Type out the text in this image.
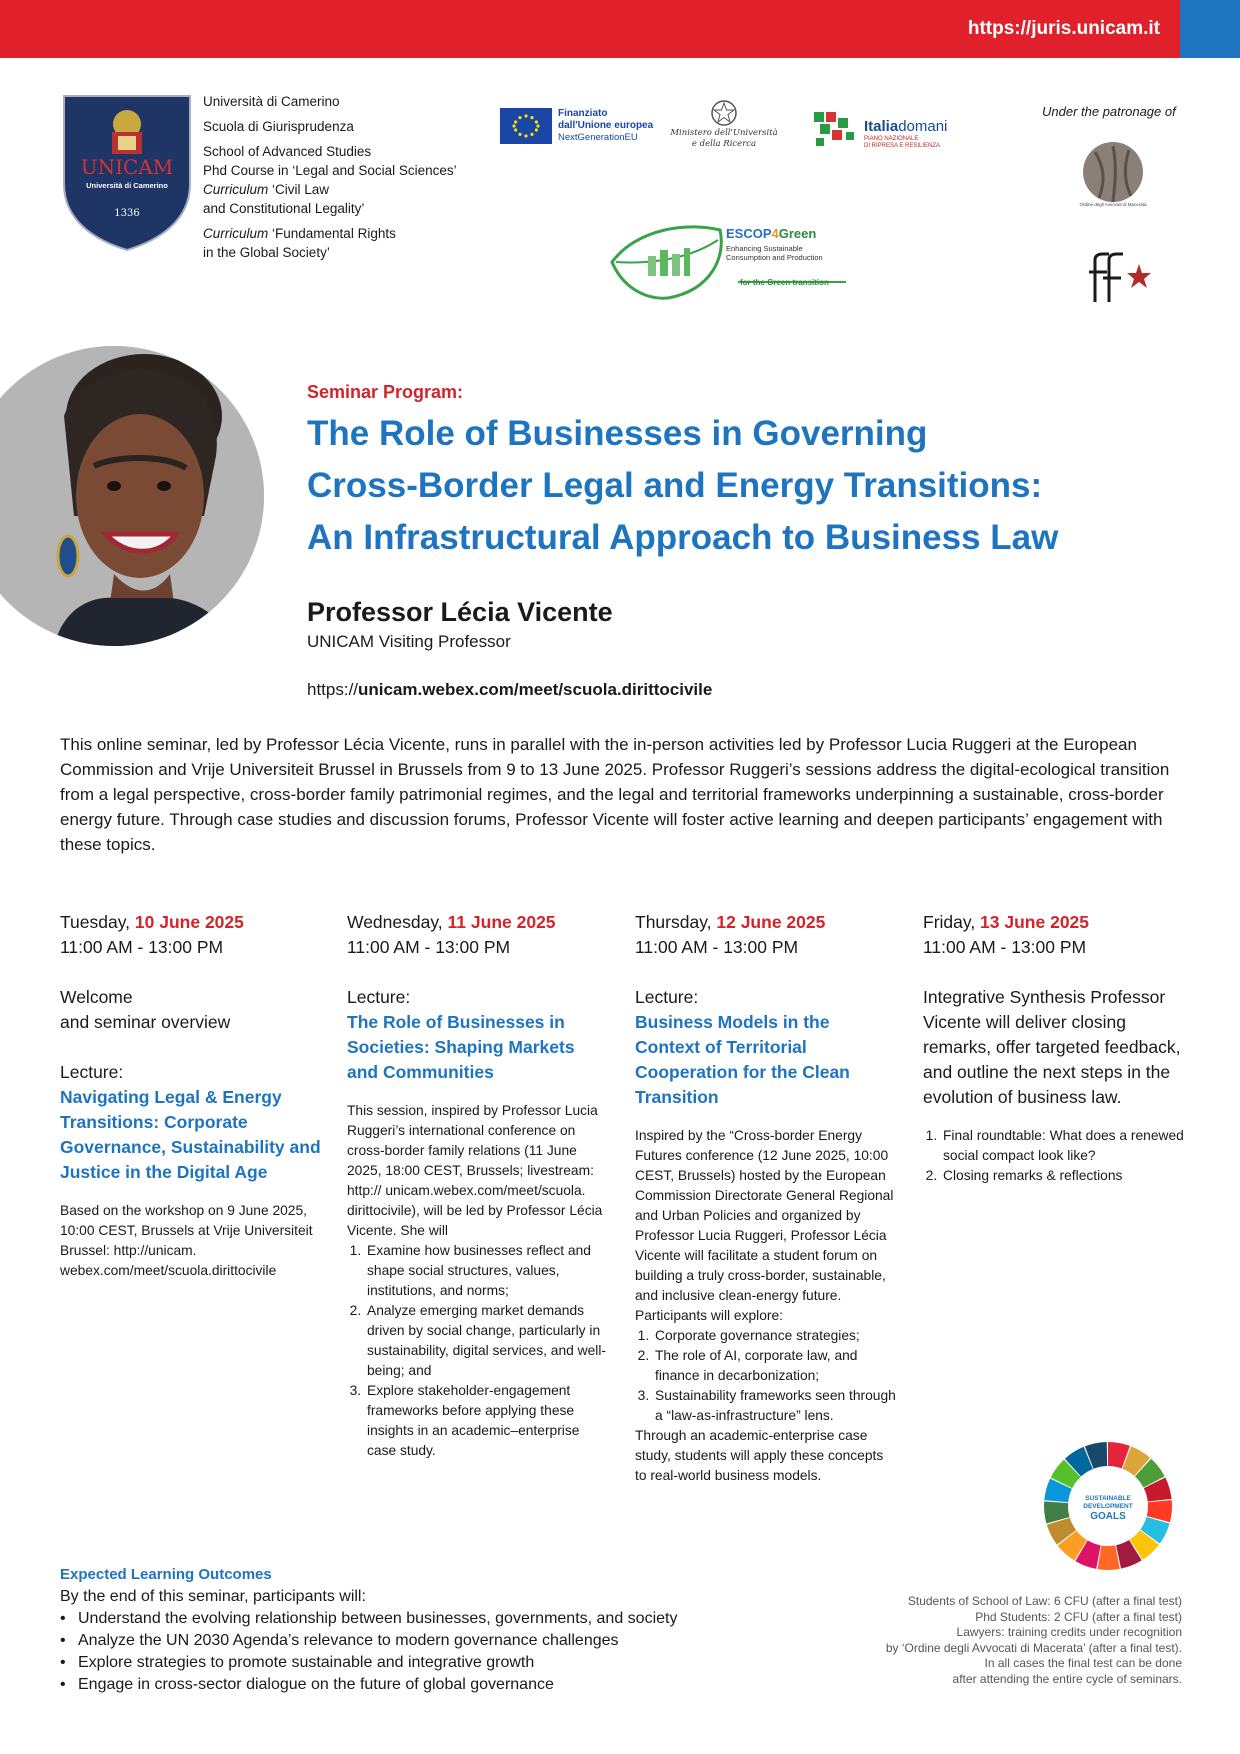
https://juris.unicam.it
UNICAM
Università di Camerino
1336
Università di Camerino
Scuola di Giurisprudenza
School of Advanced Studies
Phd Course in ‘Legal and Social Sciences’
Curriculum ‘Civil Law
and Constitutional Legality’
Curriculum ‘Fundamental Rights
in the Global Society’
Finanziato
dall'Unione europea
NextGenerationEU	Ministero dell'Università
e della Ricerca
Italiadomani
PIANO NAZIONALE
DI RIPRESA E RESILIENZA
ESCOP4Green
Enhancing Sustainable
Consumption and Production
for the Green transition
Under the patronage of
Ordine degli Avvocati di Macerata
Seminar Program:
The Role of Businesses in Governing
Cross-Border Legal and Energy Transitions:
An Infrastructural Approach to Business Law
Professor Lécia Vicente
UNICAM Visiting Professor
https://unicam.webex.com/meet/scuola.dirittocivile
This online seminar, led by Professor Lécia Vicente, runs in parallel with the in-person activities led by Professor Lucia Ruggeri at the European Commission and Vrije Universiteit Brussel in Brussels from 9 to 13 June 2025. Professor Ruggeri’s sessions address the digital-ecological transition from a legal perspective, cross-border family patrimonial regimes, and the legal and territorial frameworks underpinning a sustainable, cross-border energy future. Through case studies and discussion forums, Professor Vicente will foster active learning and deepen participants’ engagement with these topics.
Tuesday, 10 June 2025
11:00 AM - 13:00 PM
Welcome
and seminar overview
Lecture:
Navigating Legal & Energy Transitions: Corporate Governance, Sustainability and Justice in the Digital Age
Based on the workshop on 9 June 2025, 10:00 CEST, Brussels at Vrije Universiteit Brussel: http://unicam. webex.com/meet/scuola.dirittocivile
Wednesday, 11 June 2025
11:00 AM - 13:00 PM
Lecture:
The Role of Businesses in Societies: Shaping Markets and Communities
This session, inspired by Professor Lucia Ruggeri’s international conference on cross-border family relations (11 June 2025, 18:00 CEST, Brussels; livestream: http:// unicam.webex.com/meet/scuola. dirittocivile), will be led by Professor Lécia Vicente. She will
1. Examine how businesses reflect and shape social structures, values, institutions, and norms;
2. Analyze emerging market demands driven by social change, particularly in sustainability, digital services, and well-being; and
3. Explore stakeholder-engagement frameworks before applying these insights in an academic–enterprise case study.
Thursday, 12 June 2025
11:00 AM - 13:00 PM
Lecture:
Business Models in the Context of Territorial Cooperation for the Clean Transition
Inspired by the “Cross-border Energy Futures conference (12 June 2025, 10:00 CEST, Brussels) hosted by the European Commission Directorate General Regional and Urban Policies and organized by Professor Lucia Ruggeri, Professor Lécia Vicente will facilitate a student forum on building a truly cross-border, sustainable, and inclusive clean-energy future. Participants will explore:
1. Corporate governance strategies;
2. The role of AI, corporate law, and finance in decarbonization;
3. Sustainability frameworks seen through a “law-as-infrastructure” lens.
Through an academic-enterprise case study, students will apply these concepts to real-world business models.
Friday, 13 June 2025
11:00 AM - 13:00 PM
Integrative Synthesis Professor Vicente will deliver closing remarks, offer targeted feedback, and outline the next steps in the evolution of business law.
1. Final roundtable: What does a renewed social compact look like?
2. Closing remarks & reflections
SUSTAINABLE
DEVELOPMENT
GOALS
Expected Learning Outcomes
By the end of this seminar, participants will:
• Understand the evolving relationship between businesses, governments, and society
• Analyze the UN 2030 Agenda’s relevance to modern governance challenges
• Explore strategies to promote sustainable and integrative growth
• Engage in cross-sector dialogue on the future of global governance
Students of School of Law: 6 CFU (after a final test)
Phd Students: 2 CFU (after a final test)
Lawyers: training credits under recognition
by ‘Ordine degli Avvocati di Macerata’ (after a final test).
In all cases the final test can be done
after attending the entire cycle of seminars.
